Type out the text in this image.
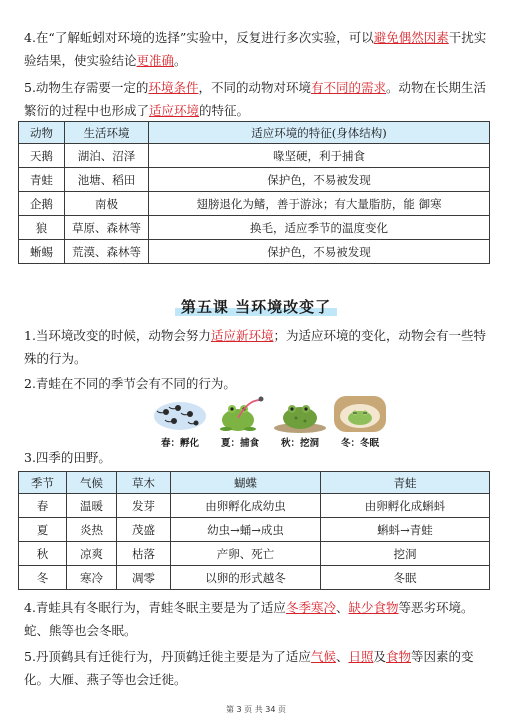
4.在“了解蚯蚓对环境的选择”实验中，反复进行多次实验，可以避免偶然因素干扰实验结果，使实验结论更准确。
5.动物生存需要一定的环境条件，不同的动物对环境有不同的需求。动物在长期生活繁衍的过程中也形成了适应环境的特征。
动物	生活环境	适应环境的特征(身体结构)
天鹅	湖泊、沼泽	喙坚硬，利于捕食
青蛙	池塘、稻田	保护色，不易被发现
企鹅	南极	翅膀退化为鳍，善于游泳；有大量脂肪，能 御寒
狼	草原、森林等	换毛，适应季节的温度变化
蜥蜴	荒漠、森林等	保护色，不易被发现
第五课 当环境改变了
1.当环境改变的时候，动物会努力适应新环境；为适应环境的变化，动物会有一些特殊的行为。
2.青蛙在不同的季节会有不同的行为。
春：孵化	夏：捕食	秋：挖洞	冬：冬眠
3.四季的田野。
季节	气候	草木	蝴蝶	青蛙
春	温暖	发芽	由卵孵化成幼虫	由卵孵化成蝌蚪
夏	炎热	茂盛	幼虫→蛹→成虫	蝌蚪→青蛙
秋	凉爽	枯落	产卵、死亡	挖洞
冬	寒冷	凋零	以卵的形式越冬	冬眠
4.青蛙具有冬眠行为，青蛙冬眠主要是为了适应冬季寒冷、缺少食物等恶劣环境。蛇、熊等也会冬眠。
5.丹顶鹤具有迁徙行为，丹顶鹤迁徙主要是为了适应气候、日照及食物等因素的变化。大雁、燕子等也会迁徙。
第 3 页 共 34 页
